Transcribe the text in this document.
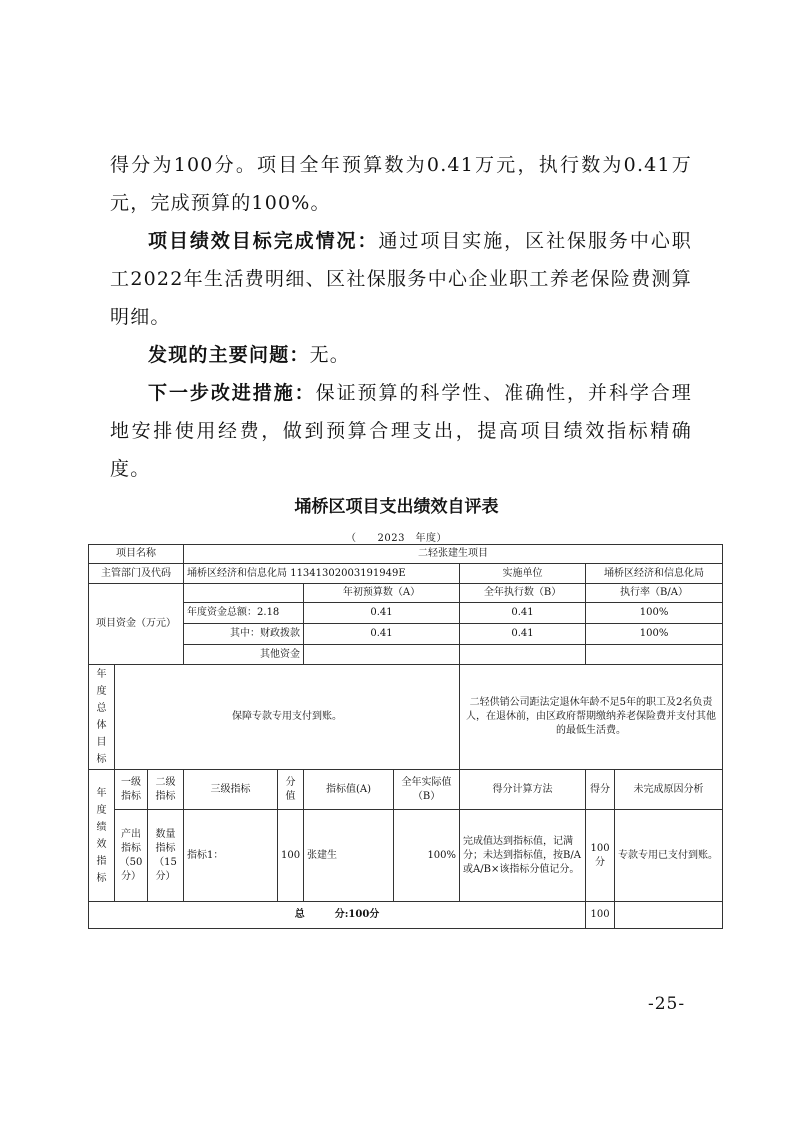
得分为100分。项目全年预算数为0.41万元，执行数为0.41万元，完成预算的100%。

项目绩效目标完成情况：通过项目实施，区社保服务中心职工2022年生活费明细、区社保服务中心企业职工养老保险费测算明细。

发现的主要问题：无。

下一步改进措施：保证预算的科学性、准确性，并科学合理地安排使用经费，做到预算合理支出，提高项目绩效指标精确度。

埇桥区项目支出绩效自评表
（　　2023　年度）
项目名称			二轻张建生项目						
主管部门及代码			埇桥区经济和信息化局 11341302003191949E				实施单位	埇桥区经济和信息化局	
项目资金（万元）					年初预算数（A）		全年执行数（B）	执行率（B/A）	
			年度资金总额：2.18		0.41		0.41	100%	
			其中：财政拨款		0.41		0.41	100%	
			其他资金						
年度总体目标	保障专款专用支付到账。						二轻供销公司距法定退休年龄不足5年的职工及2名负责人，在退休前，由区政府帮期缴纳养老保险费并支付其他的最低生活费。		
年度绩效指标	一级指标	二级指标	三级指标	分值	指标值(A)	全年实际值（B）	得分计算方法	得分	未完成原因分析
	产出指标（50分）	数量指标（15分）	指标1：	100	张建生	100%	完成值达到指标值，记满分；未达到指标值，按B/A或A/B×该指标分值记分。	100分	专款专用已支付到账。
总　　　分:100分								100	
-25-
